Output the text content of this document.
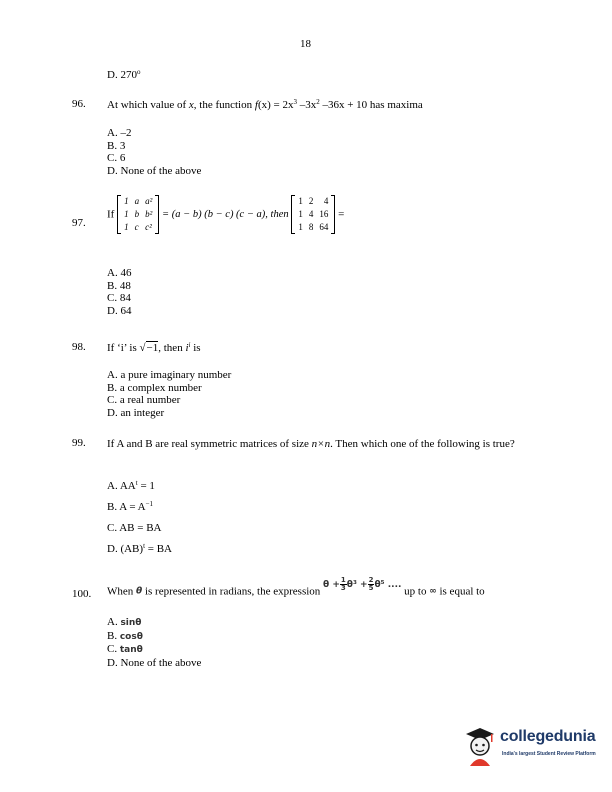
18
D. 270$^o$
96. At which value of x, the function $f(x) = 2x^3$ $-3x^2$ –36x + 10 has maxima
A. –2
B. 3
C. 6
D. None of the above
97.
If
1	a	a²
1	b	b²
1	c	c²
= (a − b) (b − c) (c − a), then
1	2	4
1	4	16
1	8	64
=
A. 46
B. 48
C. 84
D. 64
98. If ‘i’ is √−1, then $i^i$ is
A. a pure imaginary number
B. a complex number
C. a real number
D. an integer
99. If A and B are real symmetric matrices of size n×n. Then which one of the following is true?
A. $AA^t = 1$
B. $A = A^{-1}$
C. AB = BA
D. (AB)$^t$ = BA
100. When θ is represented in radians, the expression $^{\theta + \frac{1}{3} \theta^3 + \frac{2}{5} \theta^5 ....}$ up to ∞ is equal to
A. sinθ
B. cosθ
C. tanθ
D. None of the above
collegedunia
India's largest Student Review Platform
